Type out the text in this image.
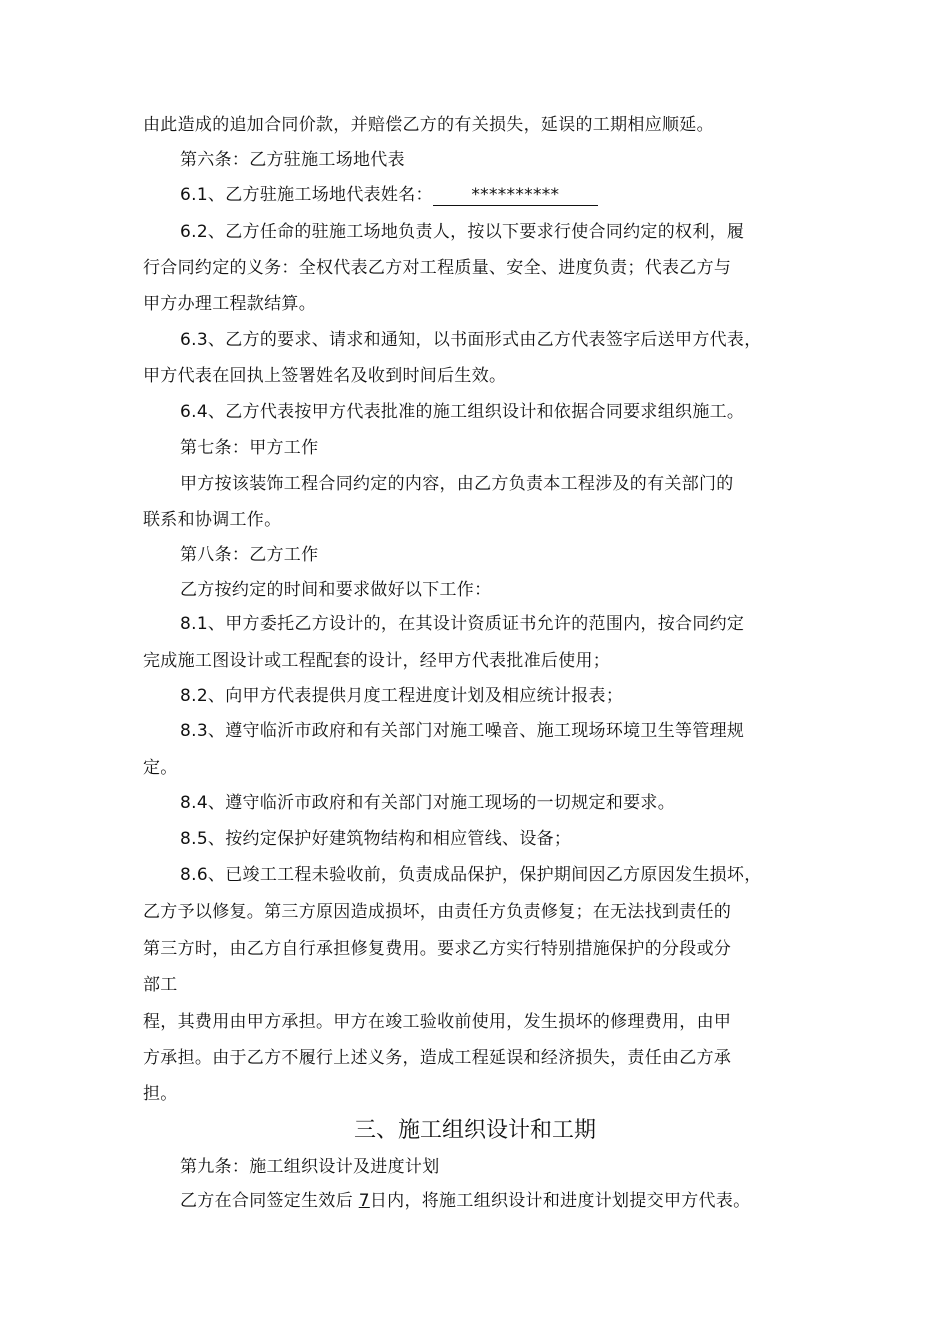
由此造成的追加合同价款，并赔偿乙方的有关损失，延误的工期相应顺延。
第六条：乙方驻施工场地代表
6.1、乙方驻施工场地代表姓名： **********
6.2、乙方任命的驻施工场地负责人，按以下要求行使合同约定的权利，履
行合同约定的义务：全权代表乙方对工程质量、安全、进度负责；代表乙方与
甲方办理工程款结算。
6.3、乙方的要求、请求和通知，以书面形式由乙方代表签字后送甲方代表，
甲方代表在回执上签署姓名及收到时间后生效。
6.4、乙方代表按甲方代表批准的施工组织设计和依据合同要求组织施工。
第七条：甲方工作
甲方按该装饰工程合同约定的内容，由乙方负责本工程涉及的有关部门的
联系和协调工作。
第八条：乙方工作
乙方按约定的时间和要求做好以下工作：
8.1、甲方委托乙方设计的，在其设计资质证书允许的范围内，按合同约定
完成施工图设计或工程配套的设计，经甲方代表批准后使用；
8.2、向甲方代表提供月度工程进度计划及相应统计报表；
8.3、遵守临沂市政府和有关部门对施工噪音、施工现场环境卫生等管理规
定。
8.4、遵守临沂市政府和有关部门对施工现场的一切规定和要求。
8.5、按约定保护好建筑物结构和相应管线、设备；
8.6、已竣工工程未验收前，负责成品保护，保护期间因乙方原因发生损坏，
乙方予以修复。第三方原因造成损坏，由责任方负责修复；在无法找到责任的
第三方时，由乙方自行承担修复费用。要求乙方实行特别措施保护的分段或分
部工
程，其费用由甲方承担。甲方在竣工验收前使用，发生损坏的修理费用，由甲
方承担。由于乙方不履行上述义务，造成工程延误和经济损失，责任由乙方承
担。
三、施工组织设计和工期
第九条：施工组织设计及进度计划
乙方在合同签定生效后 7日内，将施工组织设计和进度计划提交甲方代表。
